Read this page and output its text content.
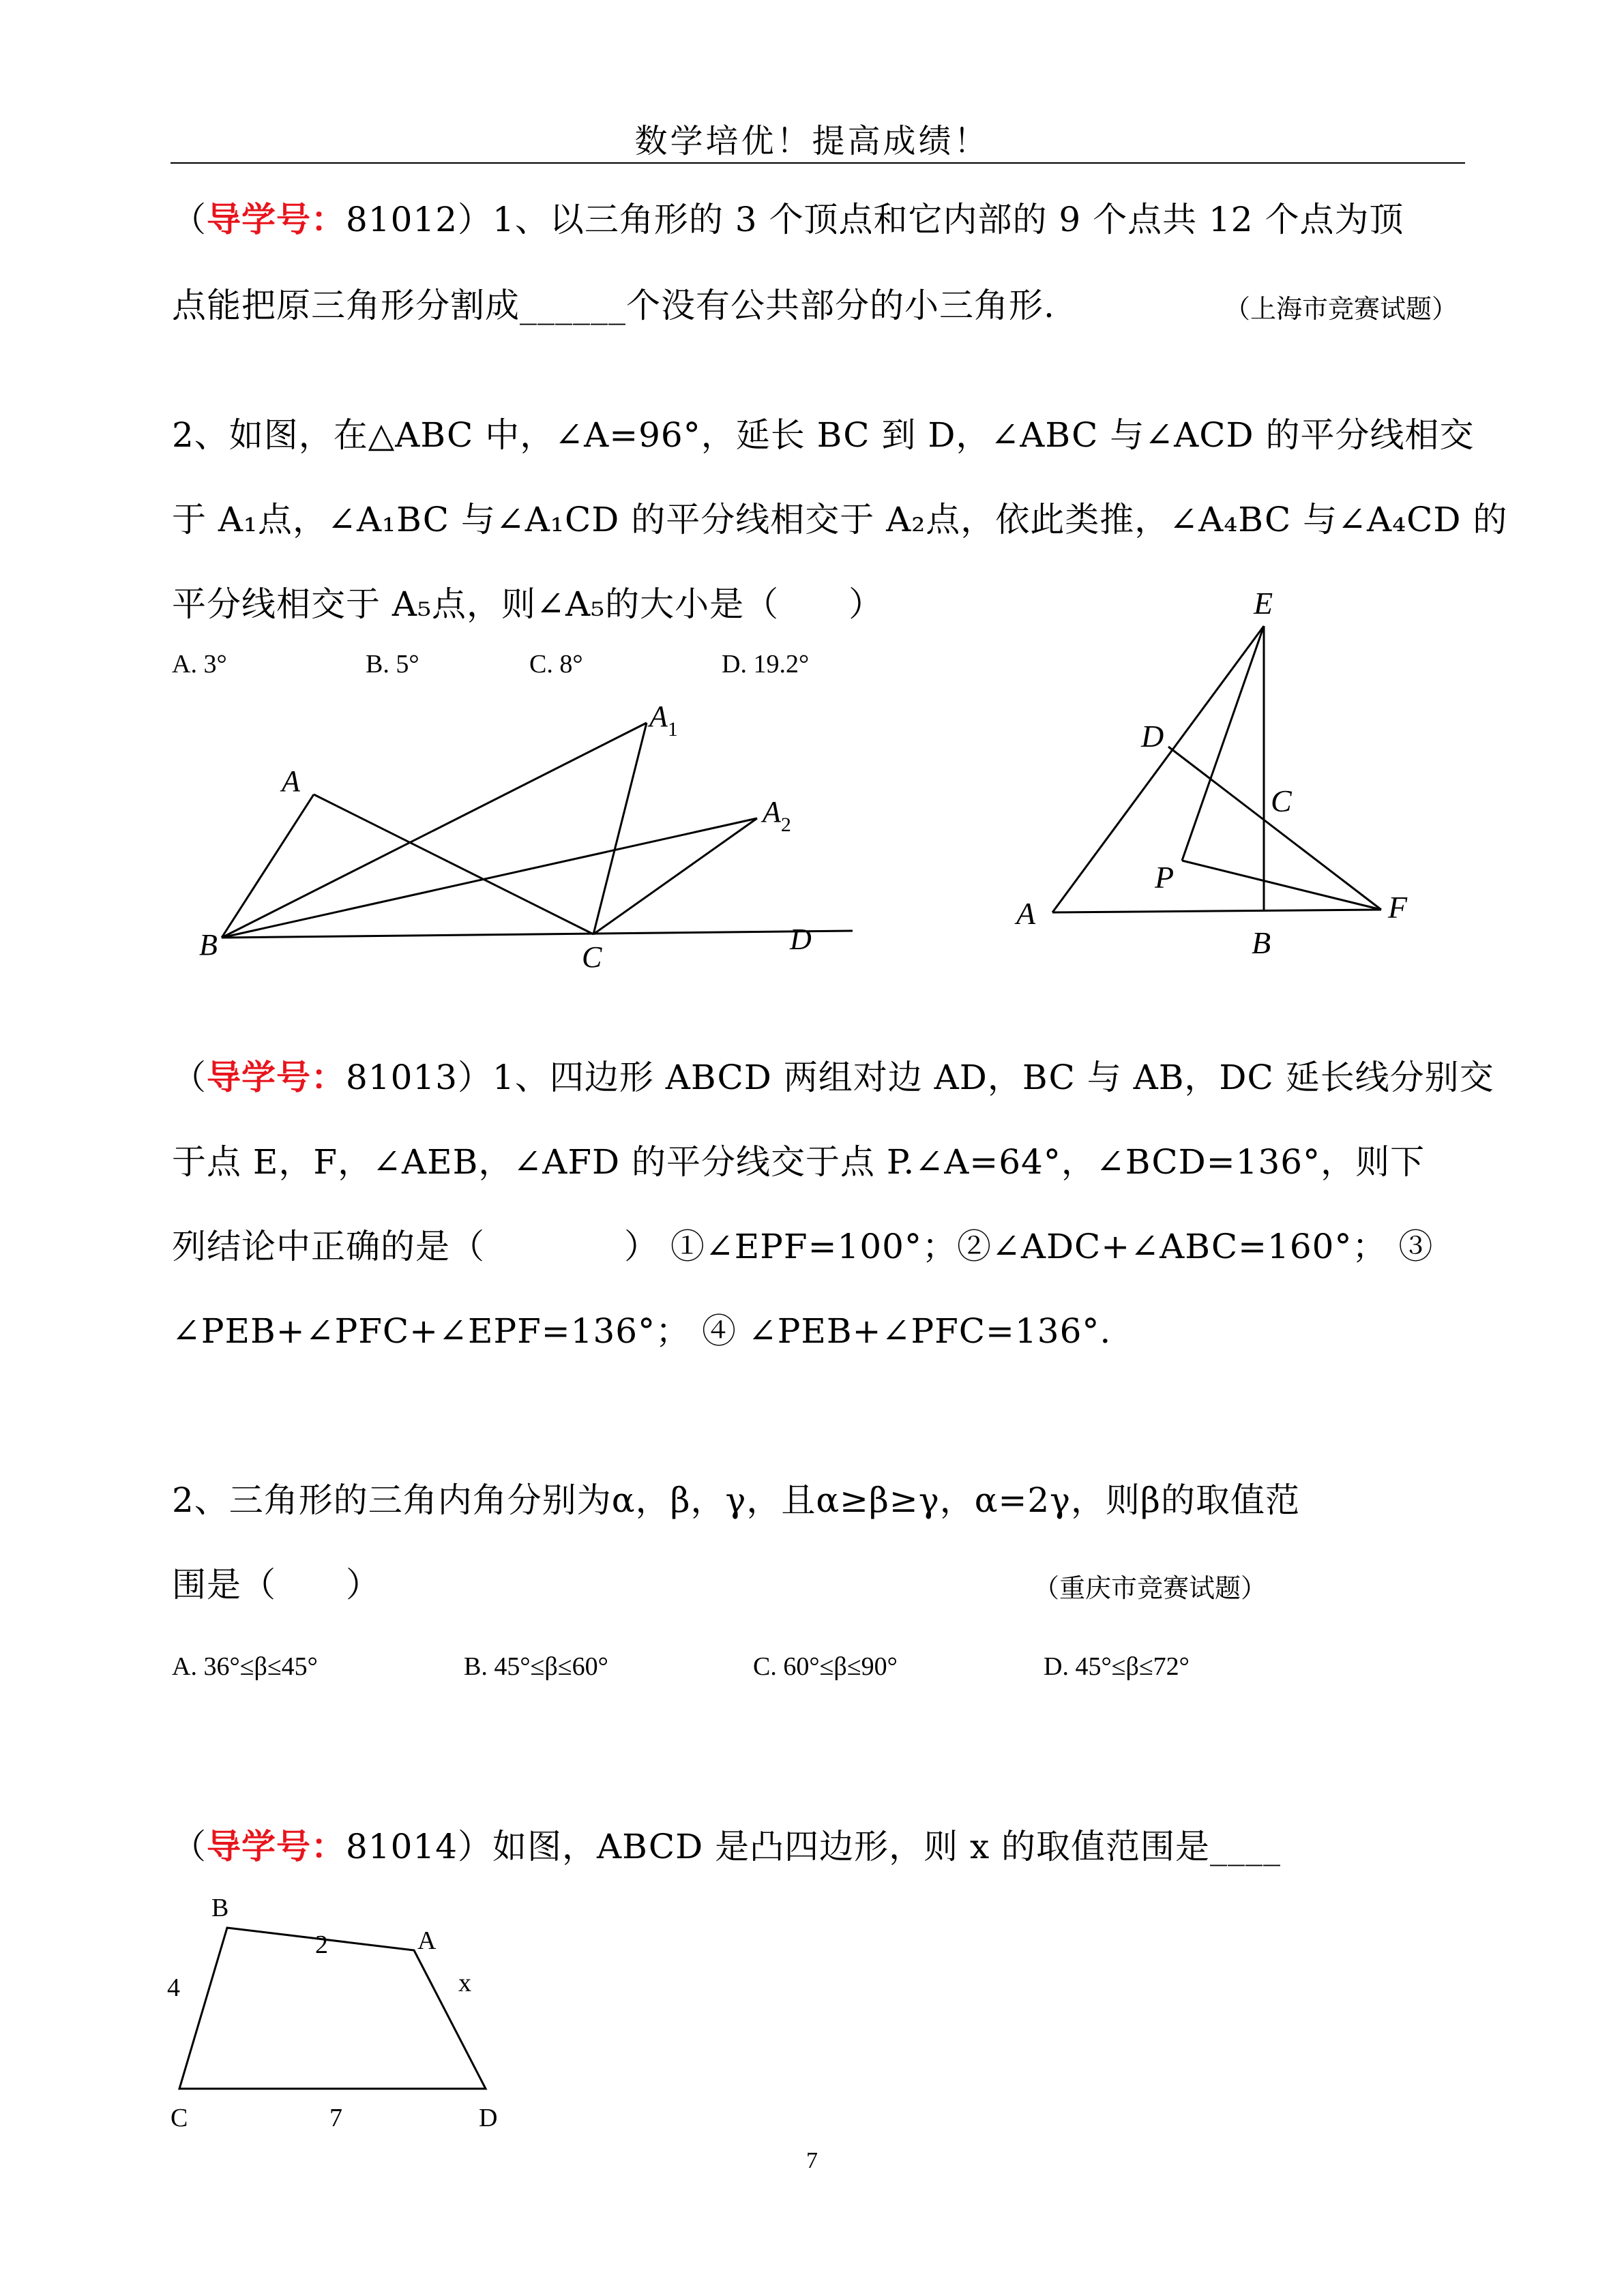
数学培优！提高成绩！
（导学号：81012）1、以三角形的 3 个顶点和它内部的 9 个点共 12 个点为顶
点能把原三角形分割成______个没有公共部分的小三角形.	（上海市竞赛试题）
2、如图，在△ABC 中，∠A=96°，延长 BC 到 D，∠ABC 与∠ACD 的平分线相交
于 A₁点，∠A₁BC 与∠A₁CD 的平分线相交于 A₂点，依此类推，∠A₄BC 与∠A₄CD 的
平分线相交于 A₅点，则∠A₅的大小是（　　）
A. 3°	B. 5°	C. 8°	D. 19.2°
A
$A_1$
$A_2$
B	C
D
E
D
C
P
A
B
F
（导学号：81013）1、四边形 ABCD 两组对边 AD，BC 与 AB，DC 延长线分别交
于点 E，F，∠AEB，∠AFD 的平分线交于点 P.∠A=64°，∠BCD=136°，则下
列结论中正确的是（　　　　） ①∠EPF=100°；②∠ADC+∠ABC=160°； ③
∠PEB+∠PFC+∠EPF=136°； ④ ∠PEB+∠PFC=136°.
2、三角形的三角内角分别为α，β，γ，且α≥β≥γ，α=2γ，则β的取值范
围是（　　）	（重庆市竞赛试题）
A. 36°≤β≤45°	B. 45°≤β≤60°	C. 60°≤β≤90°	D. 45°≤β≤72°
（导学号：81014）如图，ABCD 是凸四边形，则 x 的取值范围是____
B
A
C	D
2
4	x
7
7
